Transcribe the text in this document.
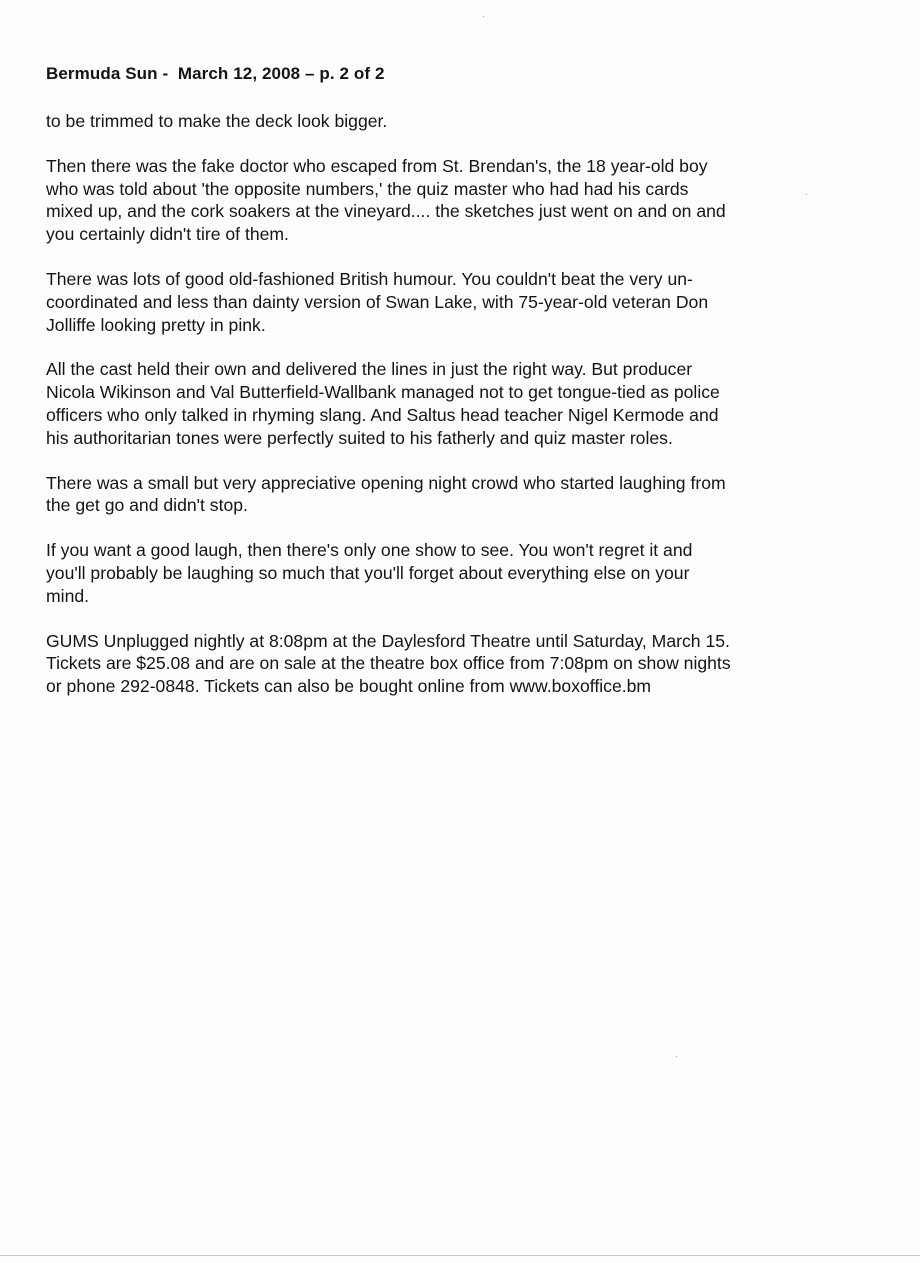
Bermuda Sun -  March 12, 2008 – p. 2 of 2

to be trimmed to make the deck look bigger.

Then there was the fake doctor who escaped from St. Brendan's, the 18 year-old boy
who was told about 'the opposite numbers,' the quiz master who had had his cards
mixed up, and the cork soakers at the vineyard.... the sketches just went on and on and
you certainly didn't tire of them.

There was lots of good old-fashioned British humour. You couldn't beat the very un-
coordinated and less than dainty version of Swan Lake, with 75-year-old veteran Don
Jolliffe looking pretty in pink.

All the cast held their own and delivered the lines in just the right way. But producer
Nicola Wikinson and Val Butterfield-Wallbank managed not to get tongue-tied as police
officers who only talked in rhyming slang. And Saltus head teacher Nigel Kermode and
his authoritarian tones were perfectly suited to his fatherly and quiz master roles.

There was a small but very appreciative opening night crowd who started laughing from
the get go and didn't stop.

If you want a good laugh, then there's only one show to see. You won't regret it and
you'll probably be laughing so much that you'll forget about everything else on your
mind.

GUMS Unplugged nightly at 8:08pm at the Daylesford Theatre until Saturday, March 15.
Tickets are $25.08 and are on sale at the theatre box office from 7:08pm on show nights
or phone 292-0848. Tickets can also be bought online from www.boxoffice.bm
